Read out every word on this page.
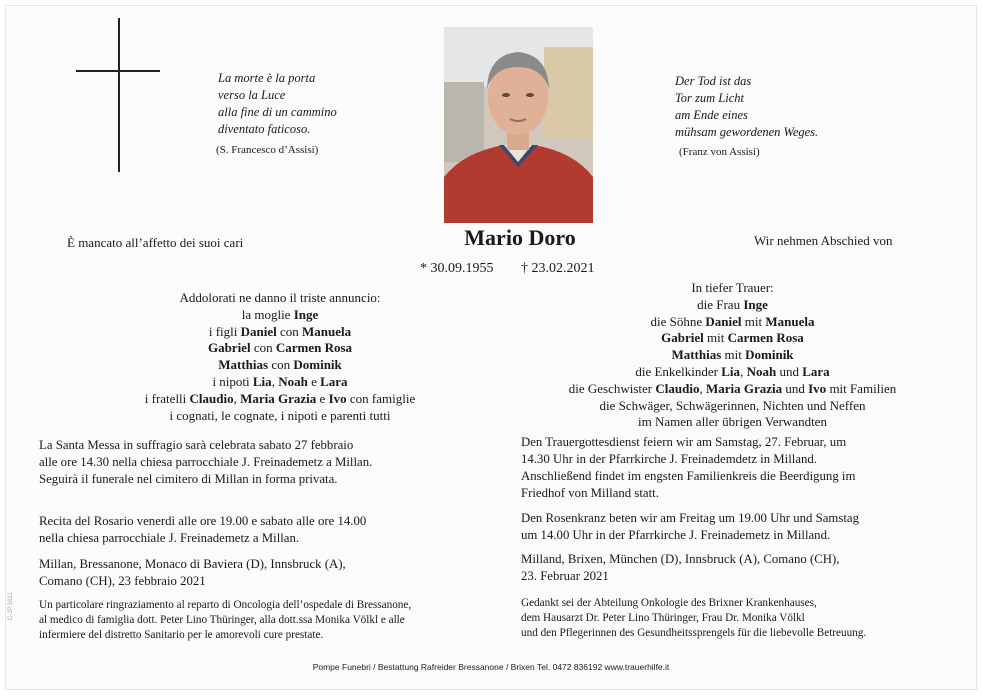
La morte è la porta
verso la Luce
alla fine di un cammino
diventato faticoso.
(S. Francesco d’Assisi)
Der Tod ist das
Tor zum Licht
am Ende eines
mühsam gewordenen Weges.
(Franz von Assisi)
Mario Doro
* 30.09.1955 † 23.02.2021
È mancato all’affetto dei suoi cari	Wir nehmen Abschied von
Addolorati ne danno il triste annuncio:
la moglie Inge
i figli Daniel con Manuela
Gabriel con Carmen Rosa
Matthias con Dominik
i nipoti Lia, Noah e Lara
i fratelli Claudio, Maria Grazia e Ivo con famiglie
i cognati, le cognate, i nipoti e parenti tutti
In tiefer Trauer:
die Frau Inge
die Söhne Daniel mit Manuela
Gabriel mit Carmen Rosa
Matthias mit Dominik
die Enkelkinder Lia, Noah und Lara
die Geschwister Claudio, Maria Grazia und Ivo mit Familien
die Schwäger, Schwägerinnen, Nichten und Neffen
im Namen aller übrigen Verwandten
La Santa Messa in suffragio sarà celebrata sabato 27 febbraio
alle ore 14.30 nella chiesa parrocchiale J. Freinademetz a Millan.
Seguirà il funerale nel cimitero di Millan in forma privata.
Den Trauergottesdienst feiern wir am Samstag, 27. Februar, um
14.30 Uhr in der Pfarrkirche J. Freinademdetz in Milland.
Anschließend findet im engsten Familienkreis die Beerdigung im
Friedhof von Milland statt.
Recita del Rosario venerdì alle ore 19.00 e sabato alle ore 14.00
nella chiesa parrocchiale J. Freinademetz a Millan.
Den Rosenkranz beten wir am Freitag um 19.00 Uhr und Samstag
um 14.00 Uhr in der Pfarrkirche J. Freinademetz in Milland.
Millan, Bressanone, Monaco di Baviera (D), Innsbruck (A),
Comano (CH), 23 febbraio 2021
Milland, Brixen, München (D), Innsbruck (A), Comano (CH),
23. Februar 2021
Un particolare ringraziamento al reparto di Oncologia dell’ospedale di Bressanone,
al medico di famiglia dott. Peter Lino Thüringer, alla dott.ssa Monika Völkl e alle
infermiere del distretto Sanitario per le amorevoli cure prestate.
Gedankt sei der Abteilung Onkologie des Brixner Krankenhauses,
dem Hausarzt Dr. Peter Lino Thüringer, Frau Dr. Monika Völkl
und den Pflegerinnen des Gesundheitssprengels für die liebevolle Betreuung.
Pompe Funebri / Bestattung Rafreider Bressanone / Brixen Tel. 0472 836192 www.trauerhilfe.it
C-3P.1631
